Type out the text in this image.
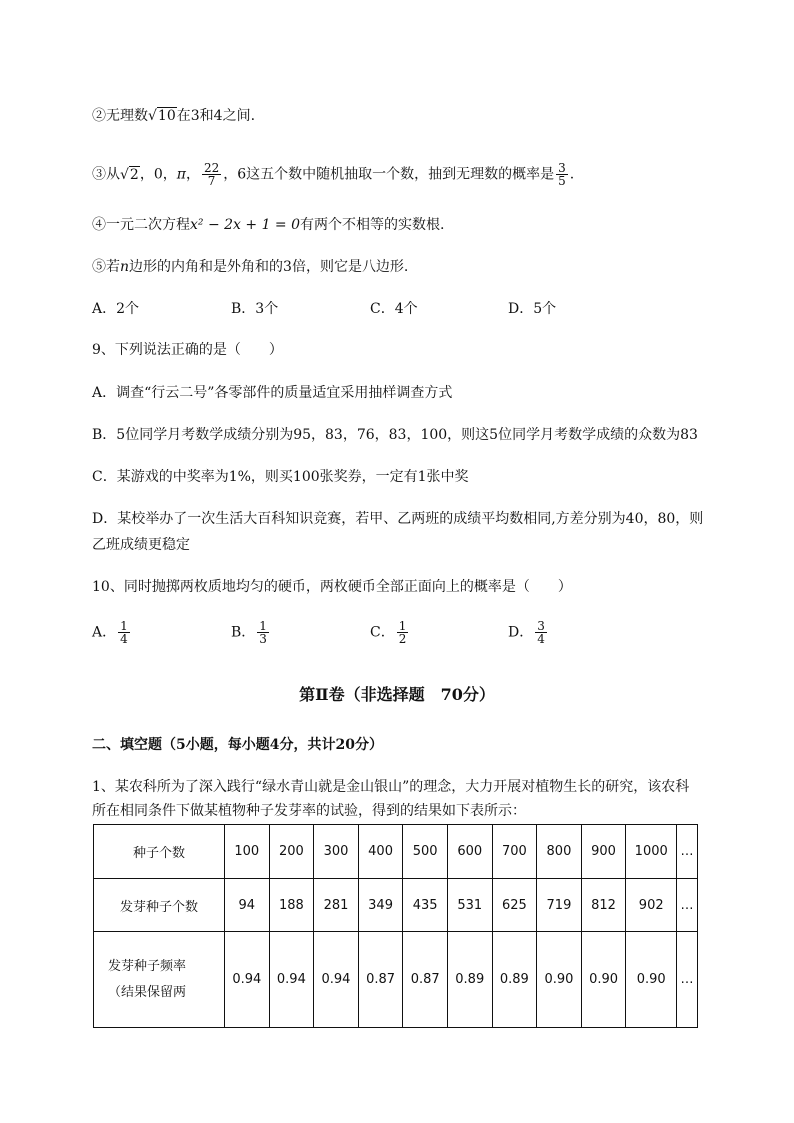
②无理数√10在3和4之间.
③从√2，0，π， $\frac{22}{7}$ ，6这五个数中随机抽取一个数，抽到无理数的概率是 $\frac{3}{5}$ .
④一元二次方程x² − 2x + 1 = 0有两个不相等的实数根.
⑤若n边形的内角和是外角和的3倍，则它是八边形.
A．2个	B．3个	C．4个	D．5个
9、下列说法正确的是（　　）
A．调查“行云二号”各零部件的质量适宜采用抽样调查方式
B．5位同学月考数学成绩分别为95，83，76，83，100，则这5位同学月考数学成绩的众数为83
C．某游戏的中奖率为1%，则买100张奖券，一定有1张中奖
D．某校举办了一次生活大百科知识竞赛，若甲、乙两班的成绩平均数相同,方差分别为40，80，则
乙班成绩更稳定
10、同时抛掷两枚质地均匀的硬币，两枚硬币全部正面向上的概率是（　　）
A． $\frac{1}{4}$	B． $\frac{1}{3}$	C． $\frac{1}{2}$	D． $\frac{3}{4}$
第Ⅱ卷（非选择题　70分）
二、填空题（5小题，每小题4分，共计20分）
1、某农科所为了深入践行“绿水青山就是金山银山”的理念，大力开展对植物生长的研究，该农科
所在相同条件下做某植物种子发芽率的试验，得到的结果如下表所示：
种子个数	100	200	300	400	500	600	700	800	900	1000	…
发芽种子个数	94	188	281	349	435	531	625	719	812	902	…

发芽种子频率
（结果保留两	0.94	0.94	0.94	0.87	0.87	0.89	0.89	0.90	0.90	0.90	…
